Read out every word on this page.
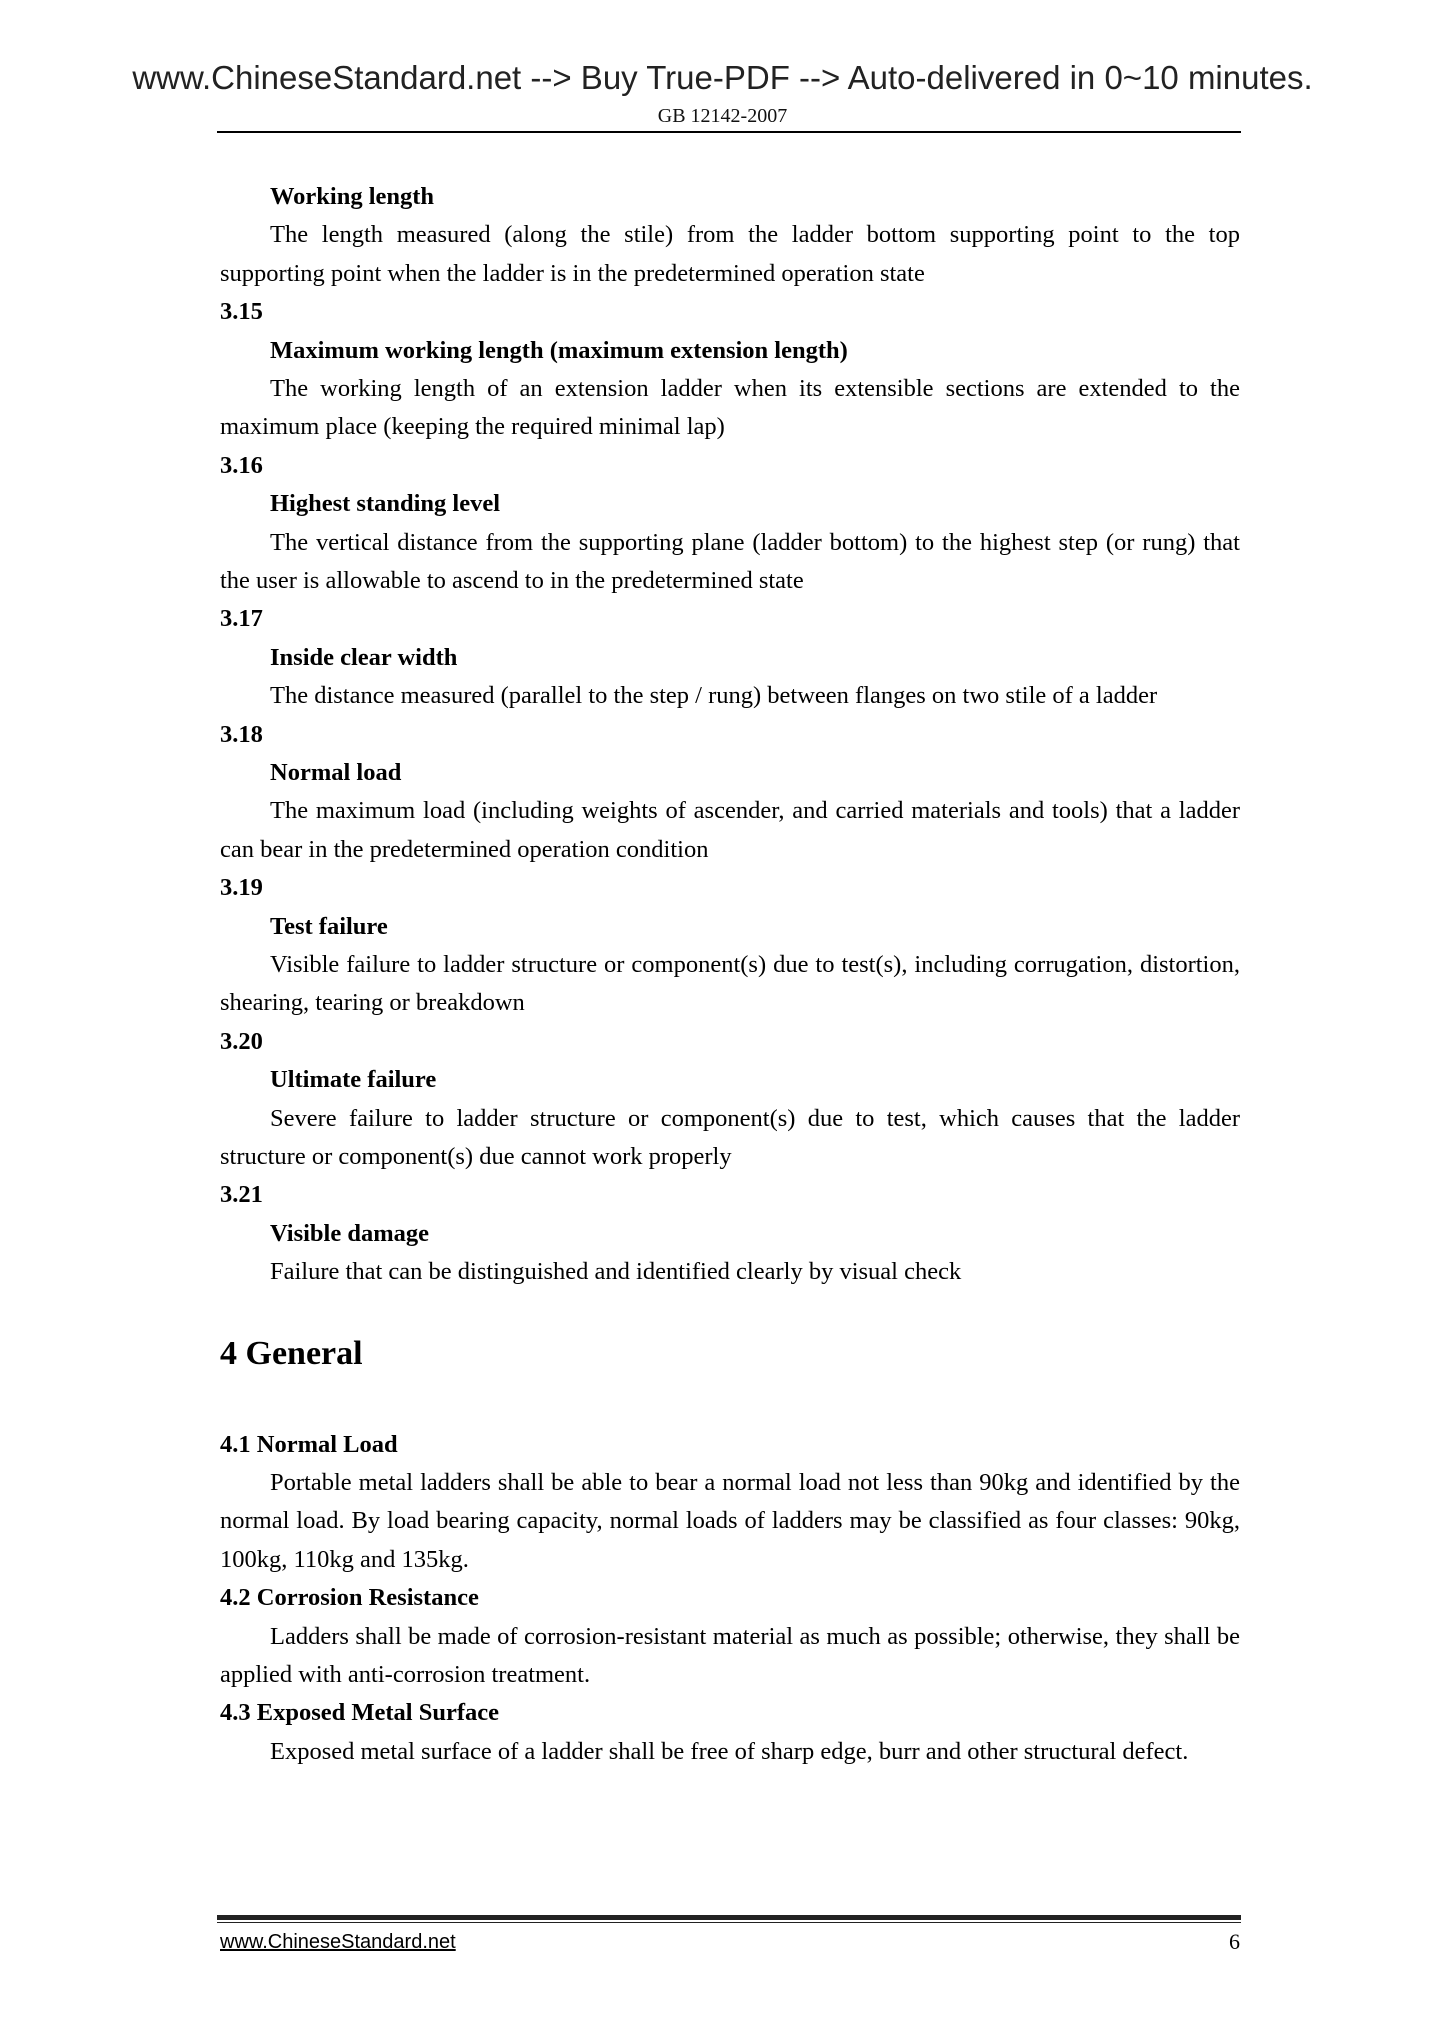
www.ChineseStandard.net --> Buy True-PDF --> Auto-delivered in 0~10 minutes.
GB 12142-2007
Working length
The length measured (along the stile) from the ladder bottom supporting point to the top supporting point when the ladder is in the predetermined operation state
3.15
Maximum working length (maximum extension length)
The working length of an extension ladder when its extensible sections are extended to the maximum place (keeping the required minimal lap)
3.16
Highest standing level
The vertical distance from the supporting plane (ladder bottom) to the highest step (or rung) that the user is allowable to ascend to in the predetermined state
3.17
Inside clear width
The distance measured (parallel to the step / rung) between flanges on two stile of a ladder
3.18
Normal load
The maximum load (including weights of ascender, and carried materials and tools) that a ladder can bear in the predetermined operation condition
3.19
Test failure
Visible failure to ladder structure or component(s) due to test(s), including corrugation, distortion, shearing, tearing or breakdown
3.20
Ultimate failure
Severe failure to ladder structure or component(s) due to test, which causes that the ladder structure or component(s) due cannot work properly
3.21
Visible damage
Failure that can be distinguished and identified clearly by visual check
4 General
4.1 Normal Load
Portable metal ladders shall be able to bear a normal load not less than 90kg and identified by the normal load. By load bearing capacity, normal loads of ladders may be classified as four classes: 90kg, 100kg, 110kg and 135kg.
4.2 Corrosion Resistance
Ladders shall be made of corrosion-resistant material as much as possible; otherwise, they shall be applied with anti-corrosion treatment.
4.3 Exposed Metal Surface
Exposed metal surface of a ladder shall be free of sharp edge, burr and other structural defect.
www.ChineseStandard.net	6
